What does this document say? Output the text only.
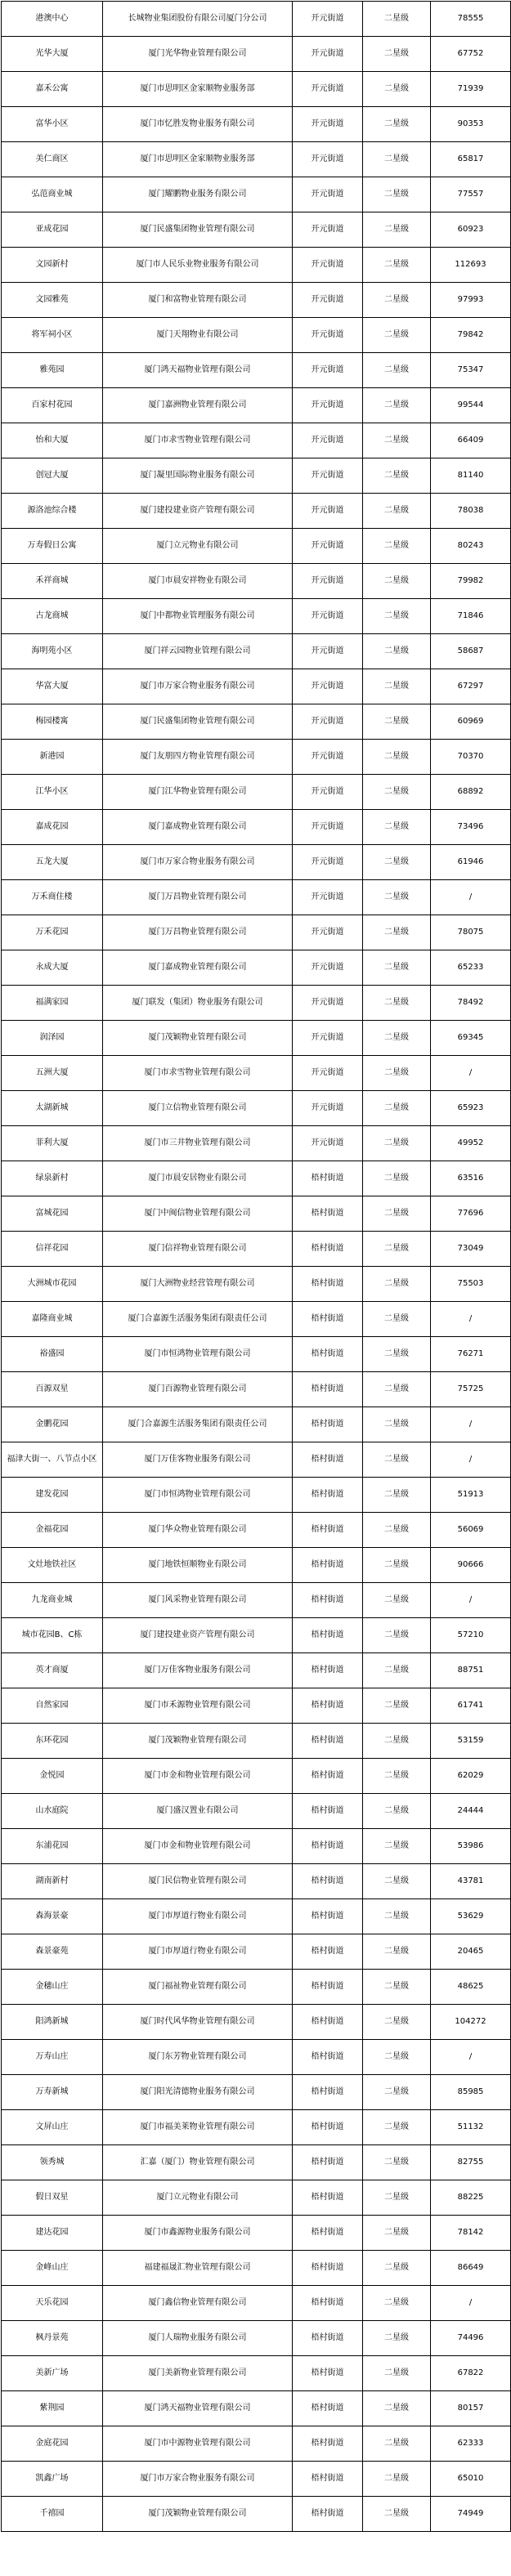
港澳中心	长城物业集团股份有限公司厦门分公司	开元街道	二星级	78555
光华大厦	厦门光华物业管理有限公司	开元街道	二星级	67752
嘉禾公寓	厦门市思明区金家顺物业服务部	开元街道	二星级	71939
富华小区	厦门市忆胜发物业服务有限公司	开元街道	二星级	90353
美仁商区	厦门市思明区金家顺物业服务部	开元街道	二星级	65817
弘范商业城	厦门耀鹏物业服务有限公司	开元街道	二星级	77557
亚成花园	厦门民盛集团物业管理有限公司	开元街道	二星级	60923
文园新村	厦门市人民乐业物业服务有限公司	开元街道	二星级	112693
文园雅苑	厦门和富物业管理有限公司	开元街道	二星级	97993
将军祠小区	厦门天翔物业有限公司	开元街道	二星级	79842
雅苑园	厦门鸿天福物业管理有限公司	开元街道	二星级	75347
百家村花园	厦门嘉洲物业管理有限公司	开元街道	二星级	99544
怡和大厦	厦门市求雪物业管理有限公司	开元街道	二星级	66409
创冠大厦	厦门凝里国际物业服务有限公司	开元街道	二星级	81140
源洛池综合楼	厦门建投建业资产管理有限公司	开元街道	二星级	78038
万寿假日公寓	厦门立元物业有限公司	开元街道	二星级	80243
禾祥商城	厦门市晨安祥物业有限公司	开元街道	二星级	79982
古龙商城	厦门中都物业管理服务有限公司	开元街道	二星级	71846
海明苑小区	厦门祥云园物业管理有限公司	开元街道	二星级	58687
华富大厦	厦门市万家合物业服务有限公司	开元街道	二星级	67297
梅园楼寓	厦门民盛集团物业管理有限公司	开元街道	二星级	60969
新港园	厦门友朋四方物业管理有限公司	开元街道	二星级	70370
江华小区	厦门江华物业管理有限公司	开元街道	二星级	68892
嘉成花园	厦门嘉成物业管理有限公司	开元街道	二星级	73496
五龙大厦	厦门市万家合物业服务有限公司	开元街道	二星级	61946
万禾商住楼	厦门万昌物业管理有限公司	开元街道	二星级	/
万禾花园	厦门万昌物业管理有限公司	开元街道	二星级	78075
永成大厦	厦门嘉成物业管理有限公司	开元街道	二星级	65233
福满家园	厦门联发（集团）物业服务有限公司	开元街道	二星级	78492
润泽园	厦门茂颖物业管理有限公司	开元街道	二星级	69345
五洲大厦	厦门市求雪物业管理有限公司	开元街道	二星级	/
太湖新城	厦门立信物业管理有限公司	开元街道	二星级	65923
菲利大厦	厦门市三井物业管理有限公司	开元街道	二星级	49952
绿泉新村	厦门市晨安居物业有限公司	梧村街道	二星级	63516
富城花园	厦门中闽信物业管理有限公司	梧村街道	二星级	77696
信祥花园	厦门信祥物业管理有限公司	梧村街道	二星级	73049
大洲城市花园	厦门大洲物业经营管理有限公司	梧村街道	二星级	75503
嘉隆商业城	厦门合嘉源生活服务集团有限责任公司	梧村街道	二星级	/
裕盛园	厦门市恒鸿物业管理有限公司	梧村街道	二星级	76271
百源双星	厦门百源物业管理有限公司	梧村街道	二星级	75725
金鹏花园	厦门合嘉源生活服务集团有限责任公司	梧村街道	二星级	/
福津大街一、八节点小区	厦门万佳客物业服务有限公司	梧村街道	二星级	/
建发花园	厦门市恒鸿物业管理有限公司	梧村街道	二星级	51913
金福花园	厦门华众物业管理有限公司	梧村街道	二星级	56069
文灶地铁社区	厦门地铁恒顺物业有限公司	梧村街道	二星级	90666
九龙商业城	厦门风采物业管理有限公司	梧村街道	二星级	/
城市花园B、C栋	厦门建投建业资产管理有限公司	梧村街道	二星级	57210
英才商厦	厦门万佳客物业服务有限公司	梧村街道	二星级	88751
自然家园	厦门市禾源物业管理有限公司	梧村街道	二星级	61741
东环花园	厦门茂颖物业管理有限公司	梧村街道	二星级	53159
金悦园	厦门市金和物业管理有限公司	梧村街道	二星级	62029
山水庭院	厦门盛汉置业有限公司	梧村街道	二星级	24444
东浦花园	厦门市金和物业管理有限公司	梧村街道	二星级	53986
湖南新村	厦门民信物业管理有限公司	梧村街道	二星级	43781
森海景豪	厦门市厚道行物业有限公司	梧村街道	二星级	53629
森景豪苑	厦门市厚道行物业有限公司	梧村街道	二星级	20465
金穗山庄	厦门福祉物业管理有限公司	梧村街道	二星级	48625
阳鸿新城	厦门时代风华物业管理有限公司	梧村街道	二星级	104272
万寿山庄	厦门东芳物业管理有限公司	梧村街道	二星级	/
万寿新城	厦门阳光清德物业服务有限公司	梧村街道	二星级	85985
文屏山庄	厦门市福美莱物业管理有限公司	梧村街道	二星级	51132
领秀城	汇嘉（厦门）物业管理有限公司	梧村街道	二星级	82755
假日双星	厦门立元物业有限公司	梧村街道	二星级	88225
建达花园	厦门市鑫源物业服务有限公司	梧村街道	二星级	78142
金峰山庄	福建福晟汇物业管理有限公司	梧村街道	二星级	86649
天乐花园	厦门鑫信物业管理有限公司	梧村街道	二星级	/
枫丹景苑	厦门人瑞物业服务有限公司	梧村街道	二星级	74496
美新广场	厦门美新物业管理有限公司	梧村街道	二星级	67822
紫荆园	厦门鸿天福物业管理有限公司	梧村街道	二星级	80157
金庭花园	厦门市中源物业管理有限公司	梧村街道	二星级	62333
凯鑫广场	厦门市万家合物业服务有限公司	梧村街道	二星级	65010
千禧园	厦门茂颖物业管理有限公司	梧村街道	二星级	74949
